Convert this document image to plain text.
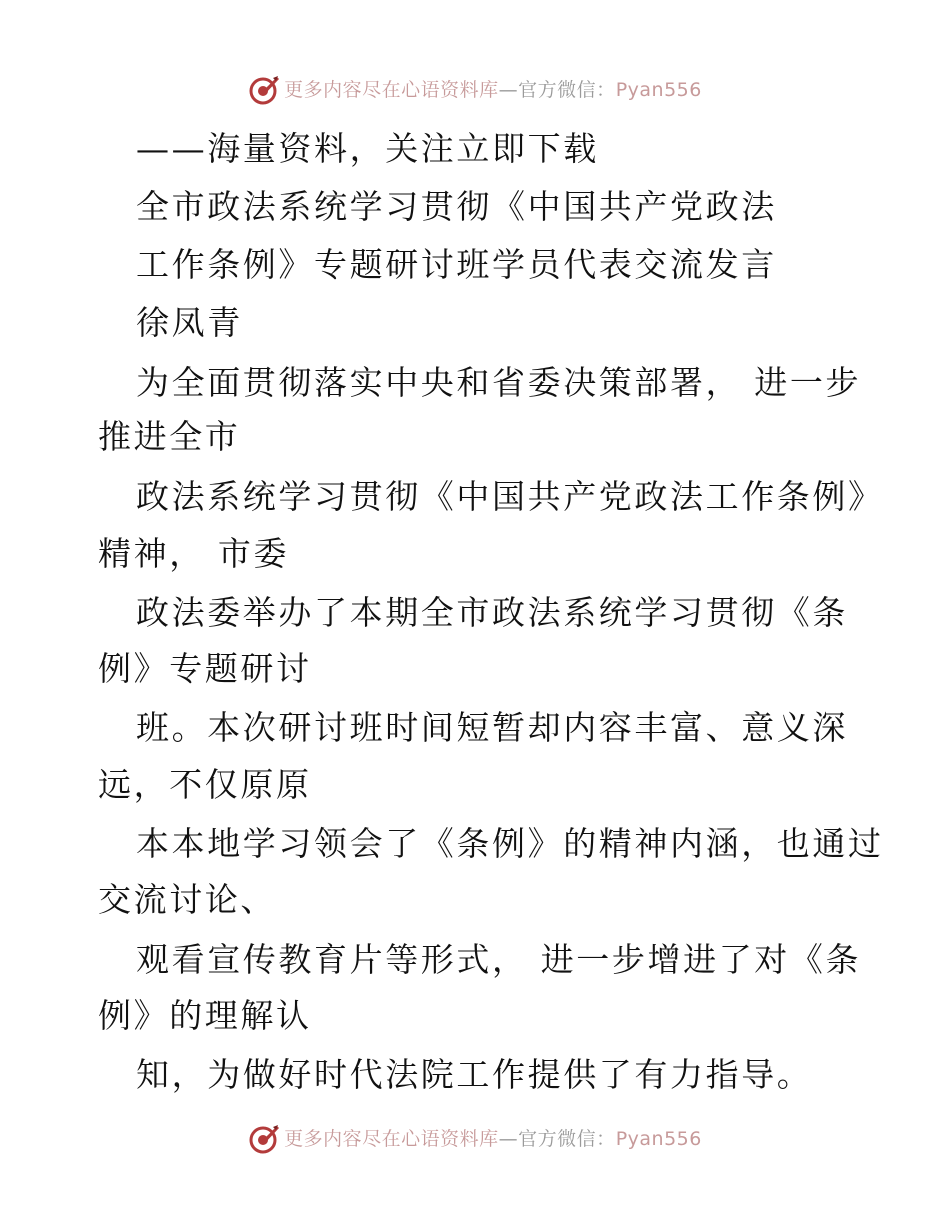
更多内容尽在心语资料库 — 官方微信： Pyan556
——海量资料，关注立即下载
全市政法系统学习贯彻《中国共产党政法
工作条例》专题研讨班学员代表交流发言
徐凤青
为全面贯彻落实中央和省委决策部署， 进一步
推进全市
政法系统学习贯彻《中国共产党政法工作条例》
精神， 市委
政法委举办了本期全市政法系统学习贯彻《条
例》专题研讨
班。本次研讨班时间短暂却内容丰富、意义深
远，不仅原原
本本地学习领会了《条例》的精神内涵，也通过
交流讨论、
观看宣传教育片等形式， 进一步增进了对《条
例》的理解认
知，为做好时代法院工作提供了有力指导。
更多内容尽在心语资料库 — 官方微信： Pyan556
